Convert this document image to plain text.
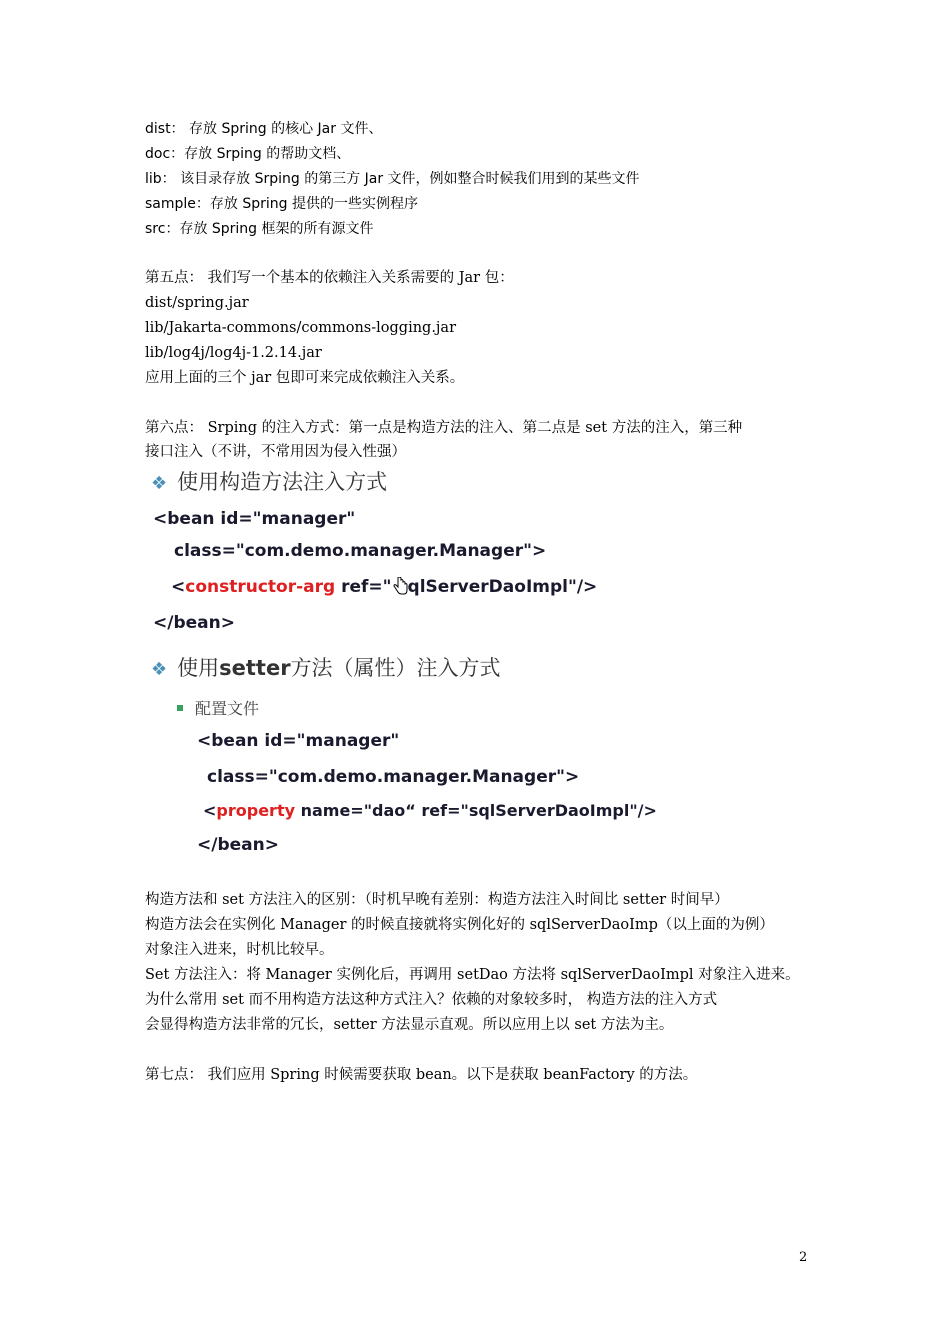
dist： 存放 Spring 的核心 Jar 文件、
doc：存放 Srping 的帮助文档、
lib： 该目录存放 Srping 的第三方 Jar 文件，例如整合时候我们用到的某些文件
sample：存放 Spring 提供的一些实例程序
src：存放 Spring 框架的所有源文件
第五点： 我们写一个基本的依赖注入关系需要的 Jar 包：
dist/spring.jar
lib/Jakarta-commons/commons-logging.jar
lib/log4j/log4j-1.2.14.jar
应用上面的三个 jar 包即可来完成依赖注入关系。
第六点： Srping 的注入方式：第一点是构造方法的注入、第二点是 set 方法的注入，第三种
接口注入（不讲，不常用因为侵入性强）
❖ 使用构造方法注入方式
<bean id="manager"
class="com.demo.manager.Manager">
<constructor-arg ref=" qlServerDaoImpl"/>
</bean>
❖ 使用setter方法（属性）注入方式
配置文件
<bean id="manager"
class="com.demo.manager.Manager">
<property name="dao“ ref="sqlServerDaoImpl"/>
</bean>
构造方法和 set 方法注入的区别：（时机早晚有差别：构造方法注入时间比 setter 时间早）
构造方法会在实例化 Manager 的时候直接就将实例化好的 sqlServerDaoImp（以上面的为例）
对象注入进来，时机比较早。
Set 方法注入：将 Manager 实例化后，再调用 setDao 方法将 sqlServerDaoImpl 对象注入进来。
为什么常用 set 而不用构造方法这种方式注入？依赖的对象较多时， 构造方法的注入方式
会显得构造方法非常的冗长，setter 方法显示直观。所以应用上以 set 方法为主。
第七点： 我们应用 Spring 时候需要获取 bean。以下是获取 beanFactory 的方法。
2
